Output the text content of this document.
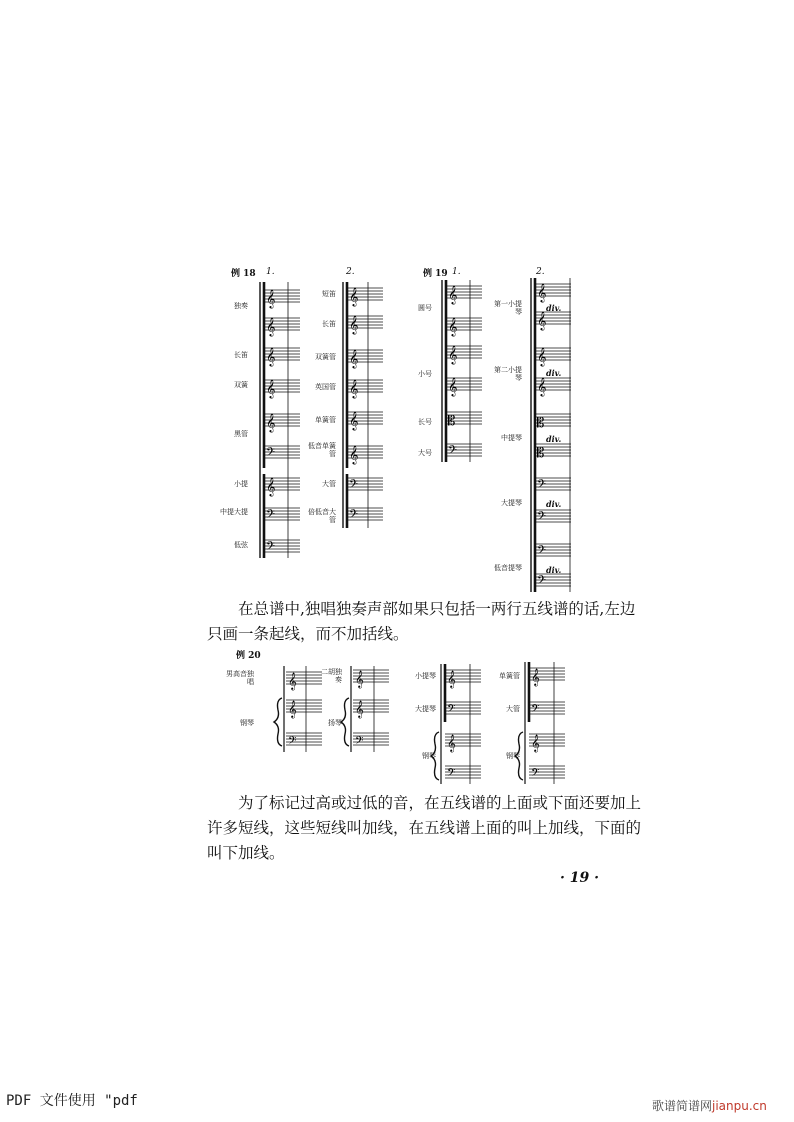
例 18 1.	2.
独奏
长笛
双簧
黑管
小提
中提大提
低弦
短笛
长笛
双簧管
英国管
单簧管
低音单簧管
大管
倍低音大管
例 19 1.	2.
圆号
小号
长号
大号
第一小提琴
第二小提琴
中提琴
大提琴
低音提琴
div.
div.
div.
div.
div.
𝄞
𝄞
𝄞
𝄞
𝄞
𝄢
𝄞
𝄢
𝄢
𝄞
𝄞
𝄞
𝄞
𝄞
𝄞
𝄢
𝄢
𝄞
𝄞
𝄞
𝄞
𝄡
𝄢
𝄞
𝄞
𝄞
𝄞
𝄡
𝄡
𝄢
𝄢
𝄢
𝄢
𝄞
𝄞
𝄢
𝄞
𝄞
𝄢
𝄞
𝄢
𝄞
𝄢
𝄞
𝄢
𝄞
𝄢
在总谱中,独唱独奏声部如果只包括一两行五线谱的话,左边
只画一条起线，而不加括线。
例 20
男高音独唱
钢琴
二胡独奏
扬琴
小提琴
大提琴
钢琴
单簧管
大管
钢琴
为了标记过高或过低的音，在五线谱的上面或下面还要加上
许多短线，这些短线叫加线，在五线谱上面的叫上加线，下面的
叫下加线。
· 19 ·
PDF 文件使用 "pdf	歌谱简谱网jianpu.cn
